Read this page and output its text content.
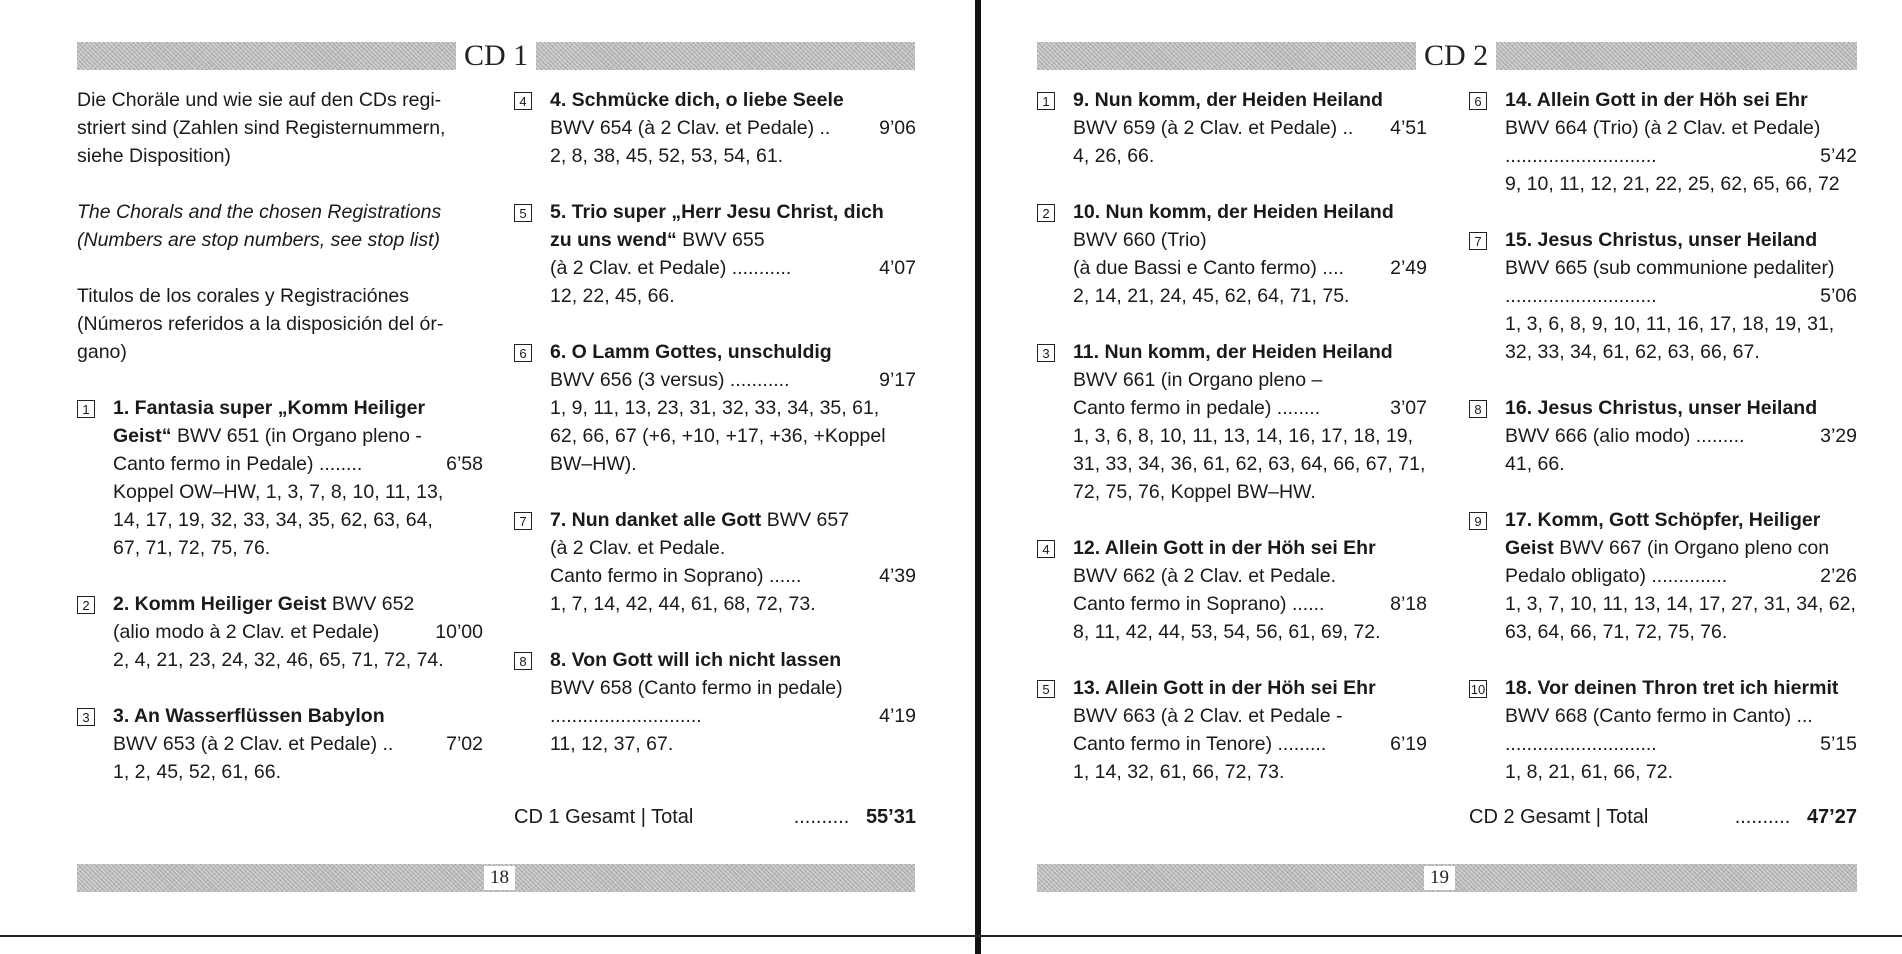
CD 1
Die Choräle und wie sie auf den CDs regi-
striert sind (Zahlen sind Registernummern,
siehe Disposition)
The Chorals and the chosen Registrations
(Numbers are stop numbers, see stop list)
Titulos de los corales y Registraciónes
(Números referidos a la disposición del ór-
gano)
1 1. Fantasia super „Komm Heiliger
Geist“ BWV 651 (in Organo pleno -
Canto fermo in Pedale) ........	6’58
Koppel OW–HW, 1, 3, 7, 8, 10, 11, 13,
14, 17, 19, 32, 33, 34, 35, 62, 63, 64,
67, 71, 72, 75, 76.
2 2. Komm Heiliger Geist BWV 652
(alio modo à 2 Clav. et Pedale)	10’00
2, 4, 21, 23, 24, 32, 46, 65, 71, 72, 74.
3 3. An Wasserflüssen Babylon
BWV 653 (à 2 Clav. et Pedale) ..	7’02
1, 2, 45, 52, 61, 66.
4 4. Schmücke dich, o liebe Seele
BWV 654 (à 2 Clav. et Pedale) ..	9’06
2, 8, 38, 45, 52, 53, 54, 61.
5 5. Trio super „Herr Jesu Christ, dich
zu uns wend“ BWV 655
(à 2 Clav. et Pedale) ...........	4’07
12, 22, 45, 66.
6 6. O Lamm Gottes, unschuldig
BWV 656 (3 versus) ...........	9’17
1, 9, 11, 13, 23, 31, 32, 33, 34, 35, 61,
62, 66, 67 (+6, +10, +17, +36, +Koppel
BW–HW).
7 7. Nun danket alle Gott BWV 657
(à 2 Clav. et Pedale.
Canto fermo in Soprano) ......	4’39
1, 7, 14, 42, 44, 61, 68, 72, 73.
8 8. Von Gott will ich nicht lassen
BWV 658 (Canto fermo in pedale)
............................	4’19
11, 12, 37, 67.
CD 1 Gesamt | Total	.......... 55’31
18
CD 2
1 9. Nun komm, der Heiden Heiland
BWV 659 (à 2 Clav. et Pedale) .. 4’51
4, 26, 66.
2 10. Nun komm, der Heiden Heiland
BWV 660 (Trio)
(à due Bassi e Canto fermo) .... 2’49
2, 14, 21, 24, 45, 62, 64, 71, 75.
3 11. Nun komm, der Heiden Heiland
BWV 661 (in Organo pleno –
Canto fermo in pedale) ........	3’07
1, 3, 6, 8, 10, 11, 13, 14, 16, 17, 18, 19,
31, 33, 34, 36, 61, 62, 63, 64, 66, 67, 71,
72, 75, 76, Koppel BW–HW.
4 12. Allein Gott in der Höh sei Ehr
BWV 662 (à 2 Clav. et Pedale.
Canto fermo in Soprano) ......	8’18
8, 11, 42, 44, 53, 54, 56, 61, 69, 72.
5 13. Allein Gott in der Höh sei Ehr
BWV 663 (à 2 Clav. et Pedale -
Canto fermo in Tenore) .........	6’19
1, 14, 32, 61, 66, 72, 73.
6 14. Allein Gott in der Höh sei Ehr
BWV 664 (Trio) (à 2 Clav. et Pedale)
............................	5’42
9, 10, 11, 12, 21, 22, 25, 62, 65, 66, 72
7 15. Jesus Christus, unser Heiland
BWV 665 (sub communione pedaliter)
............................	5’06
1, 3, 6, 8, 9, 10, 11, 16, 17, 18, 19, 31,
32, 33, 34, 61, 62, 63, 66, 67.
8 16. Jesus Christus, unser Heiland
BWV 666 (alio modo) .........	3’29
41, 66.
9 17. Komm, Gott Schöpfer, Heiliger
Geist BWV 667 (in Organo pleno con
Pedalo obligato) ..............	2’26
1, 3, 7, 10, 11, 13, 14, 17, 27, 31, 34, 62,
63, 64, 66, 71, 72, 75, 76.
10 18. Vor deinen Thron tret ich hiermit
BWV 668 (Canto fermo in Canto) ...
............................	5’15
1, 8, 21, 61, 66, 72.
CD 2 Gesamt | Total	.......... 47’27
19
